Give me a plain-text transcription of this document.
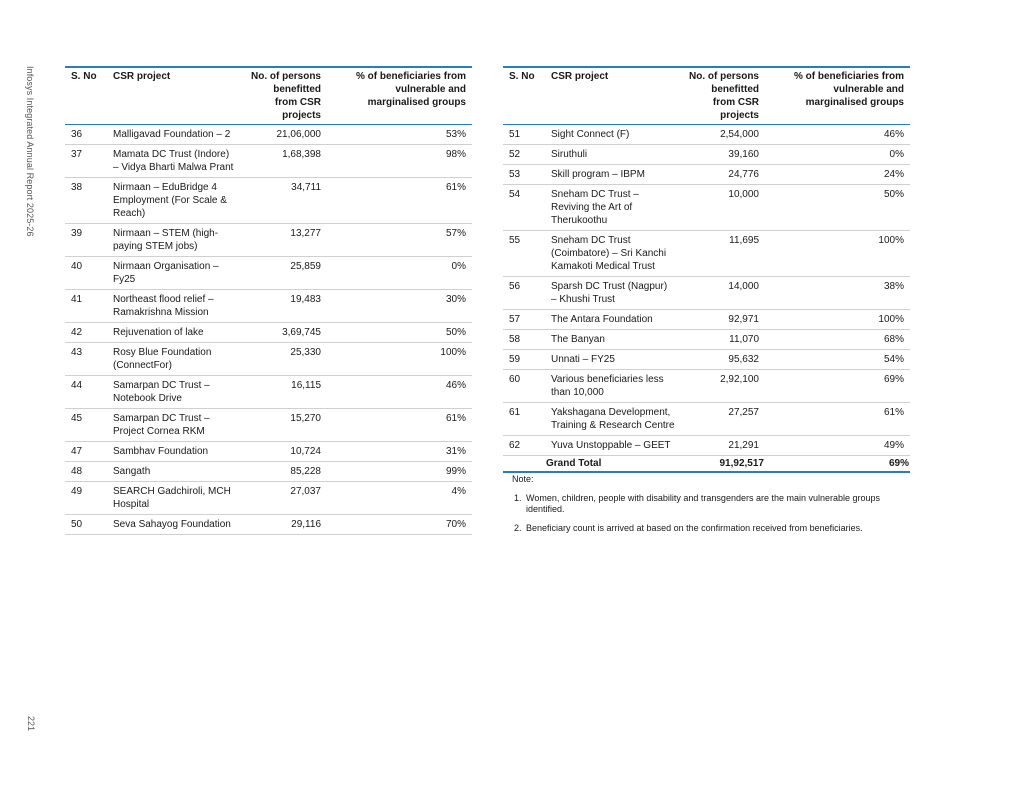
Infosys Integrated Annual Report 2025-26
221
S. No	CSR project	No. of persons benefitted from CSR projects	% of beneficiaries from vulnerable and marginalised groups
36	Malligavad Foundation – 2	21,06,000	53%
37	Mamata DC Trust (Indore) – Vidya Bharti Malwa Prant	1,68,398	98%
38	Nirmaan – EduBridge 4 Employment (For Scale & Reach)	34,711	61%
39	Nirmaan – STEM (high-paying STEM jobs)	13,277	57%
40	Nirmaan Organisation – Fy25	25,859	0%
41	Northeast flood relief – Ramakrishna Mission	19,483	30%
42	Rejuvenation of lake	3,69,745	50%
43	Rosy Blue Foundation (ConnectFor)	25,330	100%
44	Samarpan DC Trust – Notebook Drive	16,115	46%
45	Samarpan DC Trust – Project Cornea RKM	15,270	61%
47	Sambhav Foundation	10,724	31%
48	Sangath	85,228	99%
49	SEARCH Gadchiroli, MCH Hospital	27,037	4%
50	Seva Sahayog Foundation	29,116	70%
S. No	CSR project	No. of persons benefitted from CSR projects	% of beneficiaries from vulnerable and marginalised groups
51	Sight Connect (F)	2,54,000	46%
52	Siruthuli	39,160	0%
53	Skill program – IBPM	24,776	24%
54	Sneham DC Trust – Reviving the Art of Therukoothu	10,000	50%
55	Sneham DC Trust (Coimbatore) – Sri Kanchi Kamakoti Medical Trust	11,695	100%
56	Sparsh DC Trust (Nagpur) – Khushi Trust	14,000	38%
57	The Antara Foundation	92,971	100%
58	The Banyan	11,070	68%
59	Unnati – FY25	95,632	54%
60	Various beneficiaries less than 10,000	2,92,100	69%
61	Yakshagana Development, Training & Research Centre	27,257	61%
62	Yuva Unstoppable – GEET	21,291	49%
	Grand Total	91,92,517	69%
Note:
1. Women, children, people with disability and transgenders are the main vulnerable groups identified.
2. Beneficiary count is arrived at based on the confirmation received from beneficiaries.
